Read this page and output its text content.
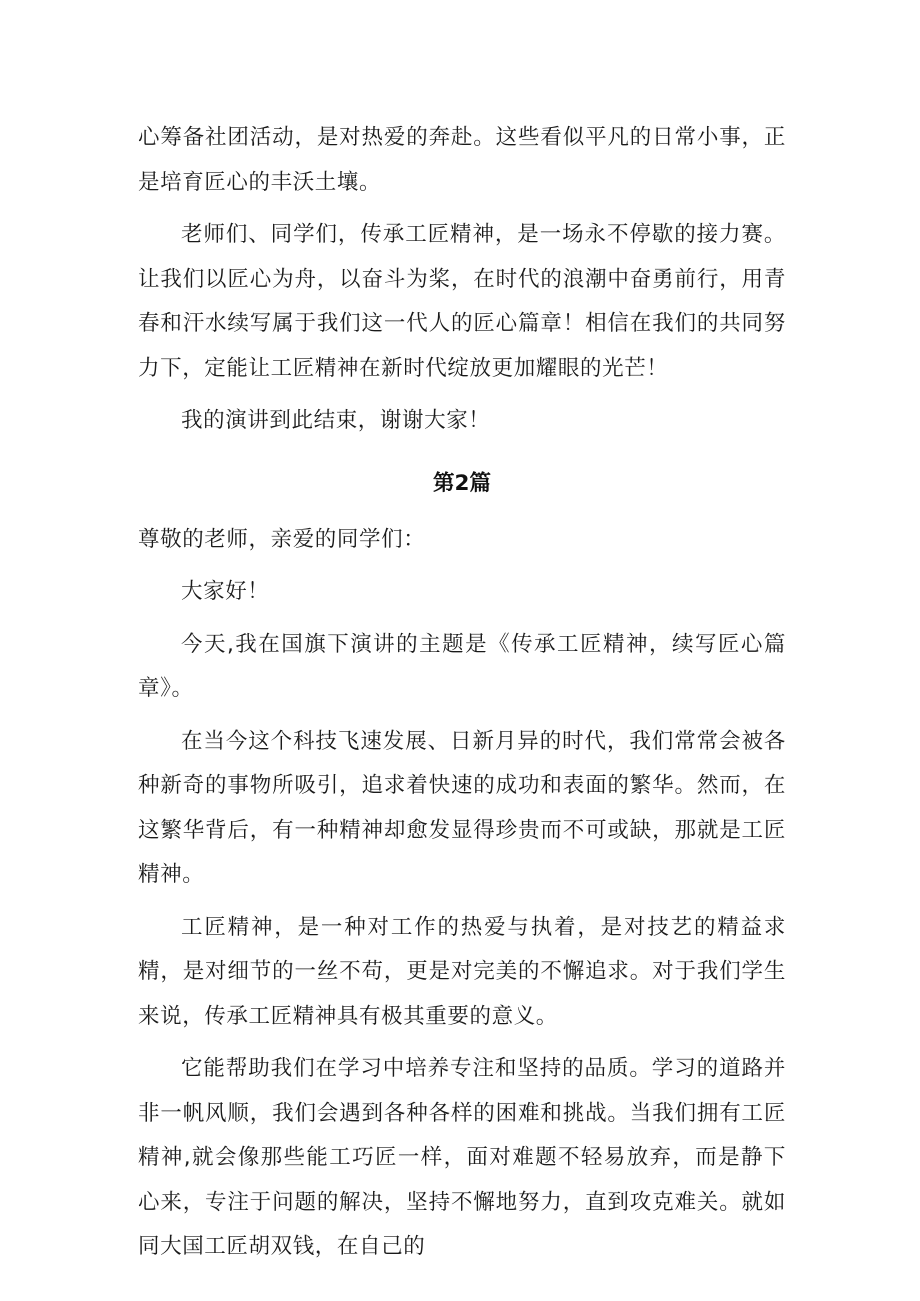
心筹备社团活动，是对热爱的奔赴。这些看似平凡的日常小事，正是培育匠心的丰沃土壤。

老师们、同学们，传承工匠精神，是一场永不停歇的接力赛。让我们以匠心为舟，以奋斗为桨，在时代的浪潮中奋勇前行，用青春和汗水续写属于我们这一代人的匠心篇章！相信在我们的共同努力下，定能让工匠精神在新时代绽放更加耀眼的光芒！

我的演讲到此结束，谢谢大家！

第2篇

尊敬的老师，亲爱的同学们：

大家好！

今天,我在国旗下演讲的主题是《传承工匠精神，续写匠心篇章》。

在当今这个科技飞速发展、日新月异的时代，我们常常会被各种新奇的事物所吸引，追求着快速的成功和表面的繁华。然而，在这繁华背后，有一种精神却愈发显得珍贵而不可或缺，那就是工匠精神。

工匠精神，是一种对工作的热爱与执着，是对技艺的精益求精，是对细节的一丝不苟，更是对完美的不懈追求。对于我们学生来说，传承工匠精神具有极其重要的意义。

它能帮助我们在学习中培养专注和坚持的品质。学习的道路并非一帆风顺，我们会遇到各种各样的困难和挑战。当我们拥有工匠精神,就会像那些能工巧匠一样，面对难题不轻易放弃，而是静下心来，专注于问题的解决，坚持不懈地努力，直到攻克难关。就如同大国工匠胡双钱，在自己的
